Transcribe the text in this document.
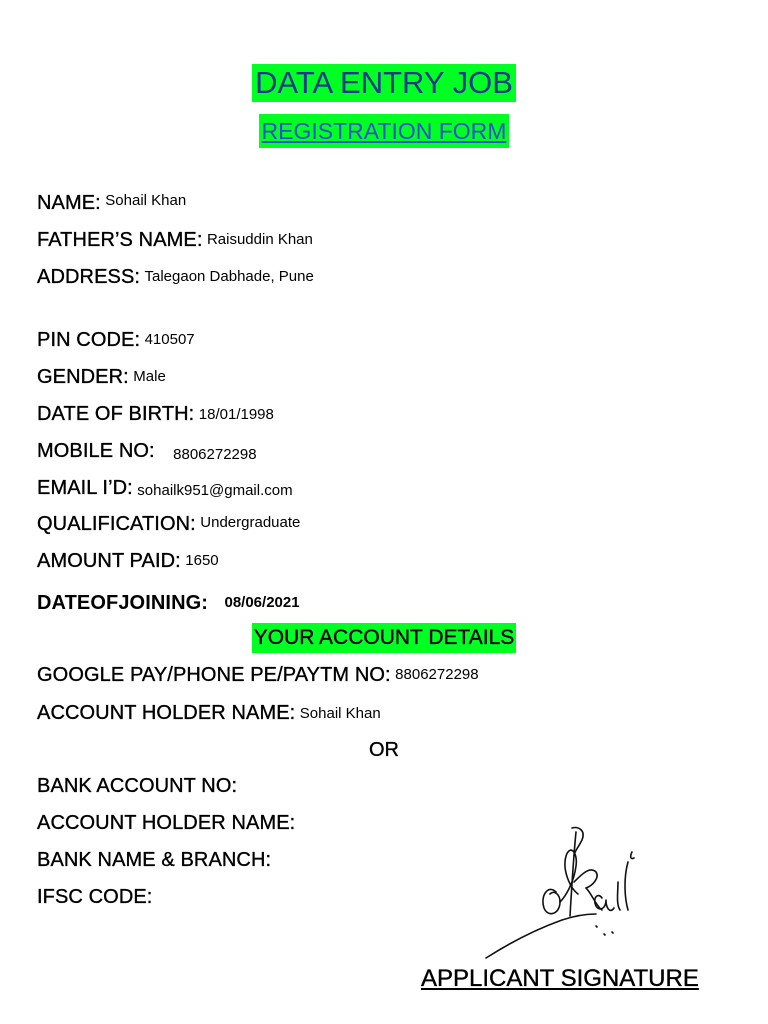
DATA ENTRY JOB
REGISTRATION FORM
NAME: Sohail Khan
FATHER’S NAME: Raisuddin Khan
ADDRESS: Talegaon Dabhade, Pune
PIN CODE: 410507
GENDER: Male
DATE OF BIRTH: 18/01/1998
MOBILE NO: 8806272298
EMAIL I’D: sohailk951@gmail.com
QUALIFICATION: Undergraduate
AMOUNT PAID: 1650
DATEOFJOINING: 08/06/2021
YOUR ACCOUNT DETAILS
GOOGLE PAY/PHONE PE/PAYTM NO: 8806272298
ACCOUNT HOLDER NAME: Sohail Khan
OR
BANK ACCOUNT NO:
ACCOUNT HOLDER NAME:
BANK NAME & BRANCH:
IFSC CODE:
APPLICANT SIGNATURE
